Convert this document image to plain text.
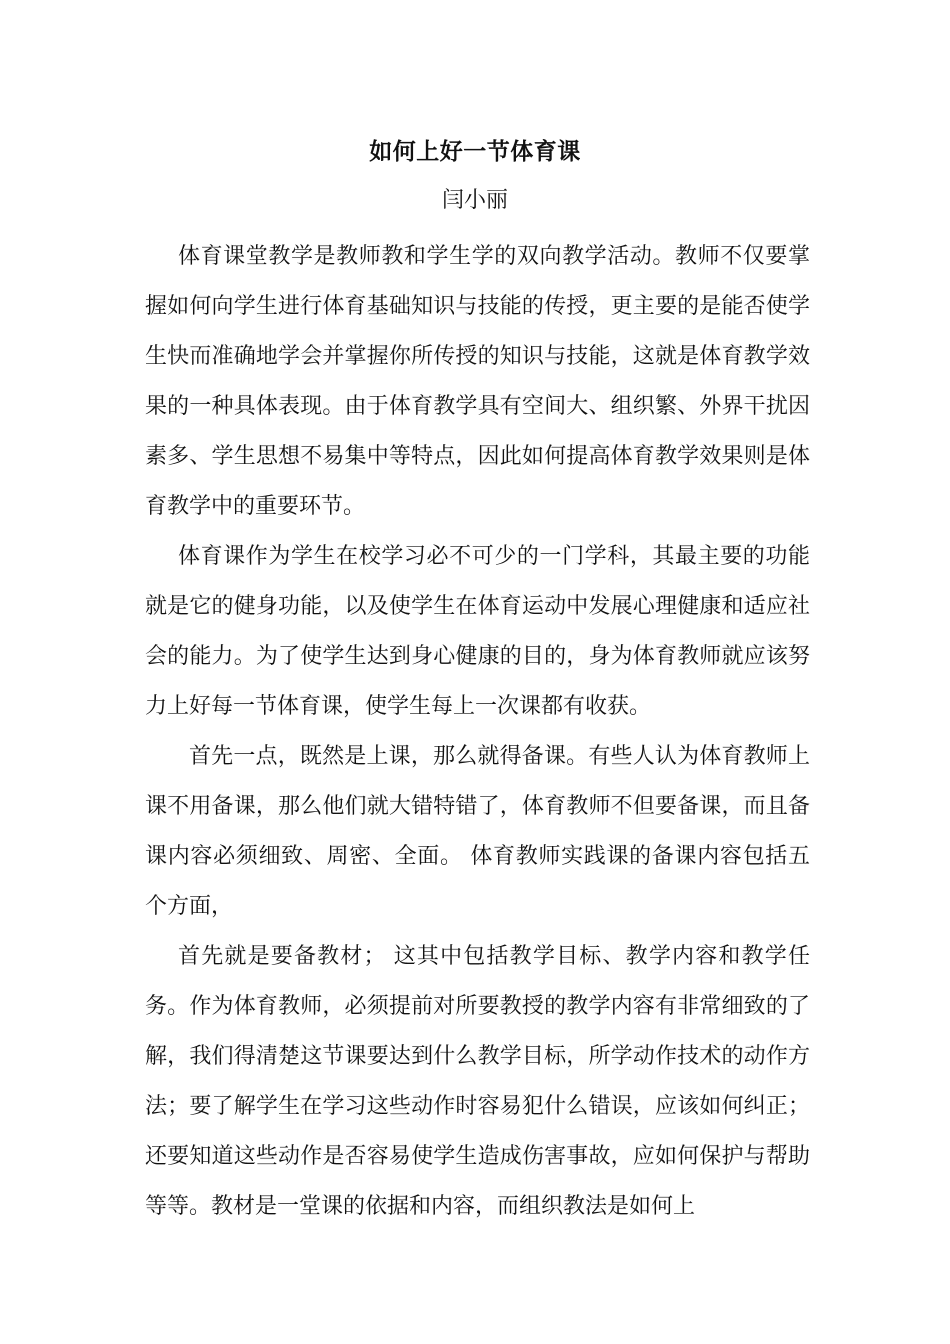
如何上好一节体育课
闫小丽

体育课堂教学是教师教和学生学的双向教学活动。教师不仅要掌握如何向学生进行体育基础知识与技能的传授，更主要的是能否使学生快而准确地学会并掌握你所传授的知识与技能，这就是体育教学效果的一种具体表现。由于体育教学具有空间大、组织繁、外界干扰因素多、学生思想不易集中等特点，因此如何提高体育教学效果则是体育教学中的重要环节。

体育课作为学生在校学习必不可少的一门学科，其最主要的功能就是它的健身功能，以及使学生在体育运动中发展心理健康和适应社会的能力。为了使学生达到身心健康的目的，身为体育教师就应该努力上好每一节体育课，使学生每上一次课都有收获。

首先一点，既然是上课，那么就得备课。有些人认为体育教师上课不用备课，那么他们就大错特错了，体育教师不但要备课，而且备课内容必须细致、周密、全面。 体育教师实践课的备课内容包括五个方面，

首先就是要备教材； 这其中包括教学目标、教学内容和教学任务。作为体育教师，必须提前对所要教授的教学内容有非常细致的了解，我们得清楚这节课要达到什么教学目标，所学动作技术的动作方法；要了解学生在学习这些动作时容易犯什么错误，应该如何纠正；还要知道这些动作是否容易使学生造成伤害事故，应如何保护与帮助等等。教材是一堂课的依据和内容，而组织教法是如何上
